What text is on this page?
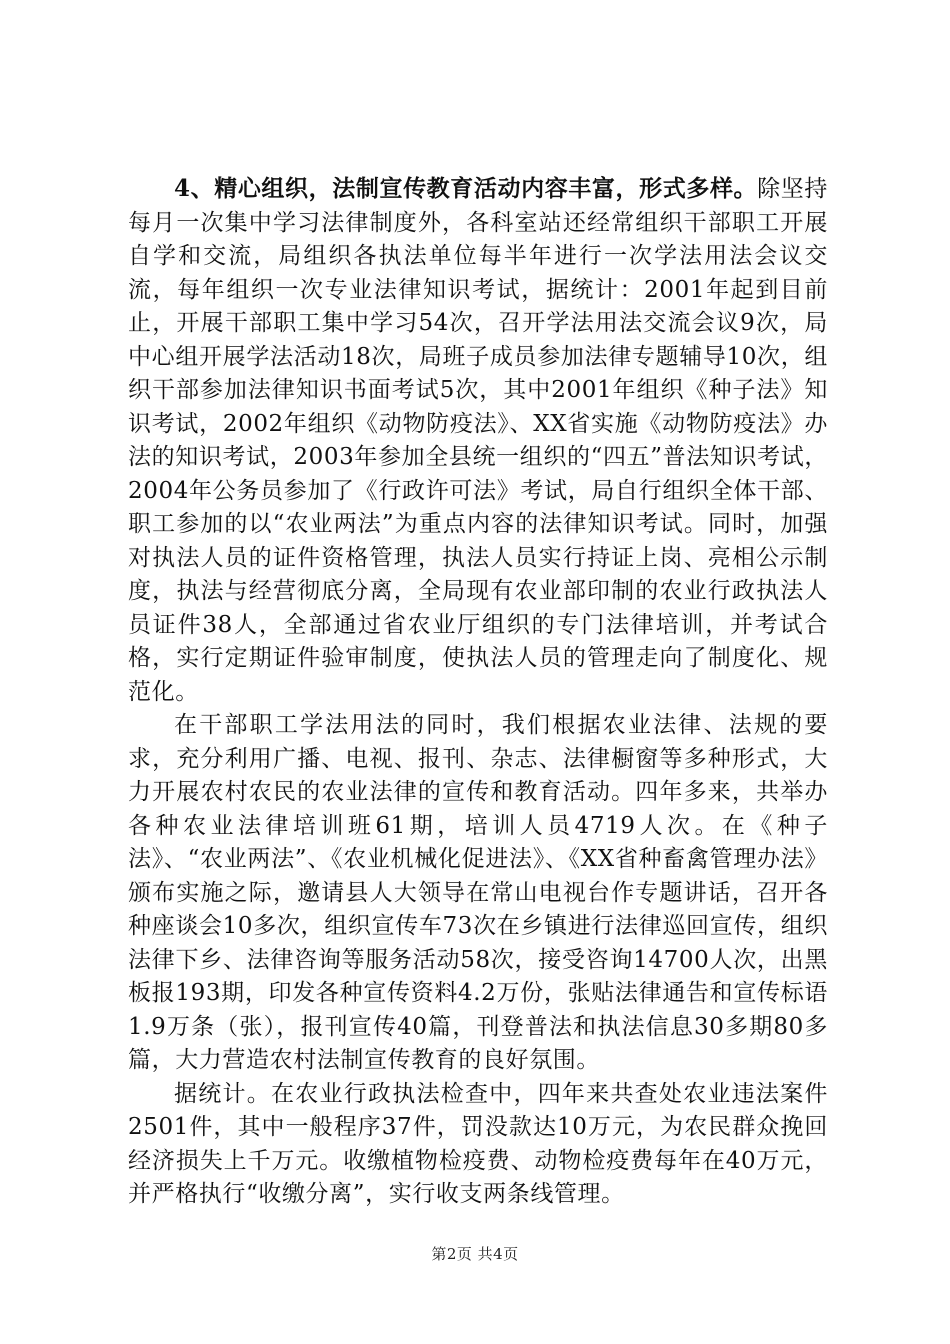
4、精心组织，法制宣传教育活动内容丰富，形式多样。除坚持每月一次集中学习法律制度外，各科室站还经常组织干部职工开展自学和交流，局组织各执法单位每半年进行一次学法用法会议交流，每年组织一次专业法律知识考试，据统计：2001年起到目前止，开展干部职工集中学习54次，召开学法用法交流会议9次，局中心组开展学法活动18次，局班子成员参加法律专题辅导10次，组织干部参加法律知识书面考试5次，其中2001年组织《种子法》知识考试，2002年组织《动物防疫法》、XX省实施《动物防疫法》办法的知识考试，2003年参加全县统一组织的“四五”普法知识考试，2004年公务员参加了《行政许可法》考试，局自行组织全体干部、职工参加的以“农业两法”为重点内容的法律知识考试。同时，加强对执法人员的证件资格管理，执法人员实行持证上岗、亮相公示制度，执法与经营彻底分离，全局现有农业部印制的农业行政执法人员证件38人，全部通过省农业厅组织的专门法律培训，并考试合格，实行定期证件验审制度，使执法人员的管理走向了制度化、规范化。

在干部职工学法用法的同时，我们根据农业法律、法规的要求，充分利用广播、电视、报刊、杂志、法律橱窗等多种形式，大力开展农村农民的农业法律的宣传和教育活动。四年多来，共举办各种农业法律培训班61期，培训人员4719人次。在《种子法》、“农业两法”、《农业机械化促进法》、《XX省种畜禽管理办法》颁布实施之际，邀请县人大领导在常山电视台作专题讲话，召开各种座谈会10多次，组织宣传车73次在乡镇进行法律巡回宣传，组织法律下乡、法律咨询等服务活动58次，接受咨询14700人次，出黑板报193期，印发各种宣传资料4.2万份，张贴法律通告和宣传标语1.9万条（张），报刊宣传40篇，刊登普法和执法信息30多期80多篇，大力营造农村法制宣传教育的良好氛围。

据统计。在农业行政执法检查中，四年来共查处农业违法案件2501件，其中一般程序37件，罚没款达10万元，为农民群众挽回经济损失上千万元。收缴植物检疫费、动物检疫费每年在40万元，并严格执行“收缴分离”，实行收支两条线管理。

第2页 共4页
